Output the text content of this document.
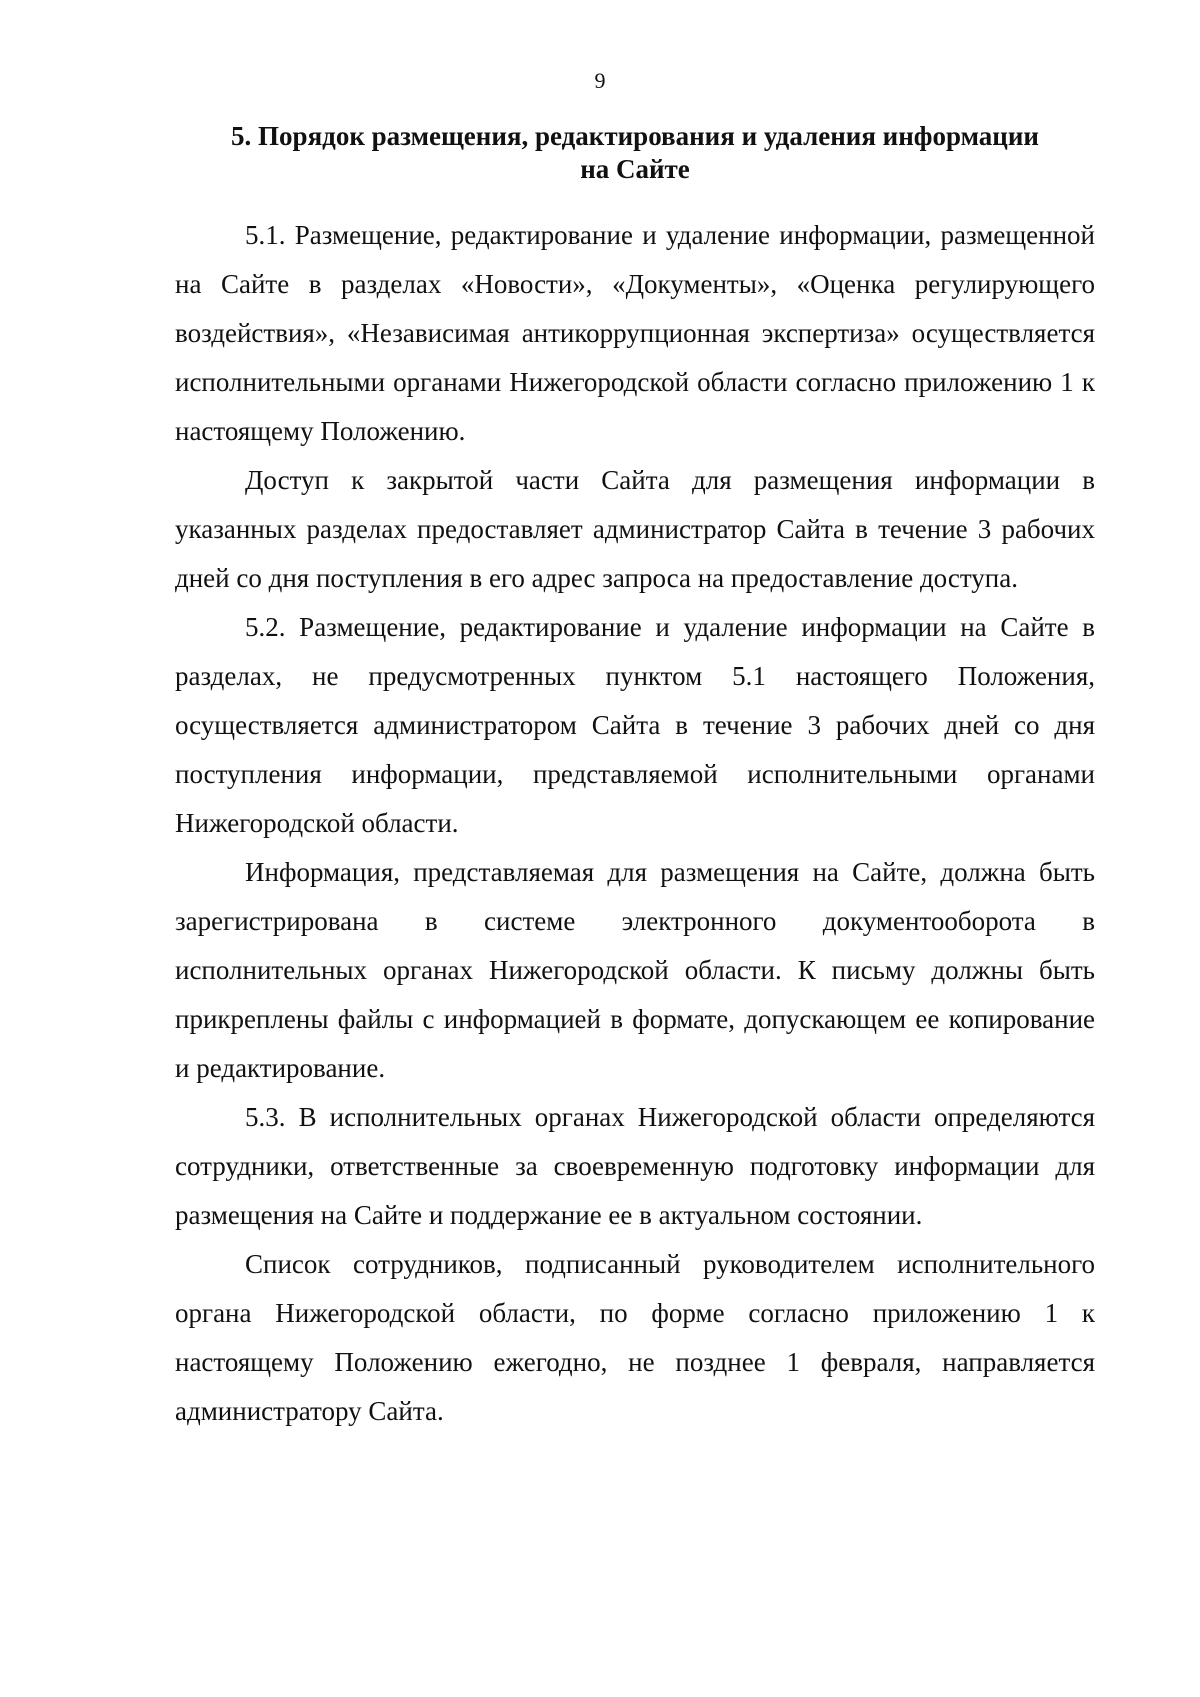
9
5. Порядок размещения, редактирования и удаления информации
на Сайте

5.1. Размещение, редактирование и удаление информации, размещенной на Сайте в разделах «Новости», «Документы», «Оценка регулирующего воздействия», «Независимая антикоррупционная экспертиза» осуществляется исполнительными органами Нижегородской области согласно приложению 1 к настоящему Положению.

Доступ к закрытой части Сайта для размещения информации в указанных разделах предоставляет администратор Сайта в течение 3 рабочих дней со дня поступления в его адрес запроса на предоставление доступа.

5.2. Размещение, редактирование и удаление информации на Сайте в разделах, не предусмотренных пунктом 5.1 настоящего Положения, осуществляется администратором Сайта в течение 3 рабочих дней со дня поступления информации, представляемой исполнительными органами Нижегородской области.

Информация, представляемая для размещения на Сайте, должна быть зарегистрирована в системе электронного документооборота в исполнительных органах Нижегородской области. К письму должны быть прикреплены файлы с информацией в формате, допускающем ее копирование и редактирование.

5.3. В исполнительных органах Нижегородской области определяются сотрудники, ответственные за своевременную подготовку информации для размещения на Сайте и поддержание ее в актуальном состоянии.

Список сотрудников, подписанный руководителем исполнительного органа Нижегородской области, по форме согласно приложению 1 к настоящему Положению ежегодно, не позднее 1 февраля, направляется администратору Сайта.
